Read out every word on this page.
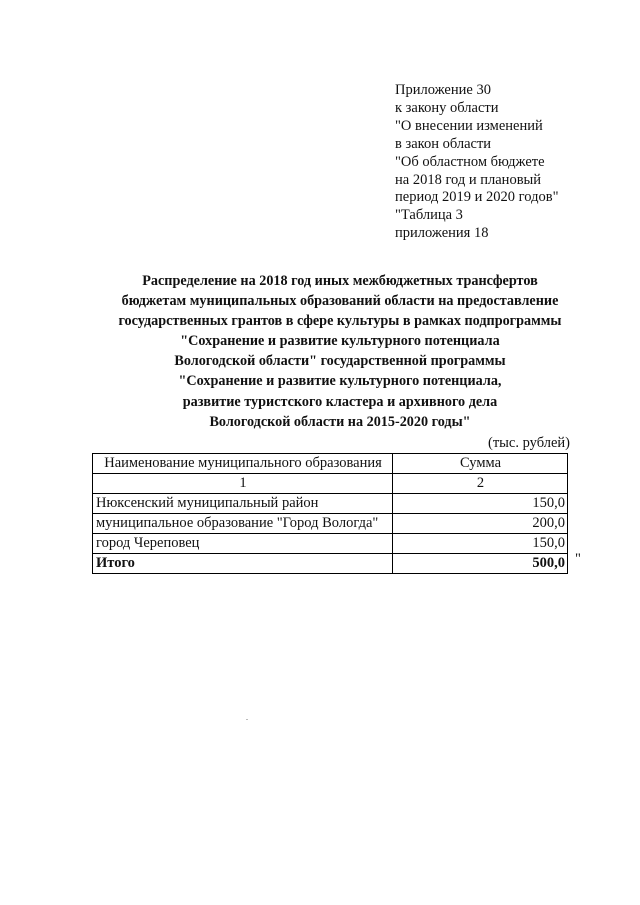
Приложение 30
к закону области
"О внесении изменений
в закон области
"Об областном бюджете
на 2018 год и плановый
период 2019 и 2020 годов"
"Таблица 3
приложения 18
Распределение на 2018 год иных межбюджетных трансфертов
бюджетам муниципальных образований области на предоставление
государственных грантов в сфере культуры в рамках подпрограммы
"Сохранение и развитие культурного потенциала
Вологодской области" государственной программы
"Сохранение и развитие культурного потенциала,
развитие туристского кластера и архивного дела
Вологодской области на 2015-2020 годы"
(тыс. рублей)
Наименование муниципального образования	Сумма
1	2
Нюксенский муниципальный район	150,0
муниципальное образование "Город Вологда"	200,0
город Череповец	150,0
Итого	500,0 "
